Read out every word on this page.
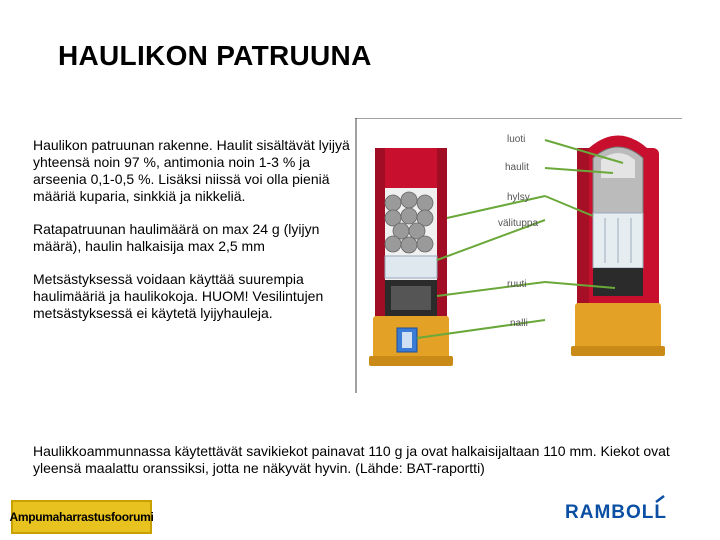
HAULIKON PATRUUNA

Haulikon patruunan rakenne. Haulit sisältävät lyijyä yhteensä noin 97 %, antimonia noin 1-3 % ja arseenia 0,1-0,5 %. Lisäksi niissä voi olla pieniä määriä kuparia, sinkkiä ja nikkeliä.

Ratapatruunan haulimäärä on max 24 g (lyijyn määrä), haulin halkaisija max 2,5 mm

Metsästyksessä voidaan käyttää suurempia haulimääriä ja haulikokoja. HUOM! Vesilintujen metsästyksessä ei käytetä lyijyhauleja.

luoti
haulit
hylsy
välituppa
ruuti
nalli
Haulikkoammunnassa käytettävät savikiekot painavat 110 g ja ovat halkaisijaltaan 110 mm. Kiekot ovat yleensä maalattu oranssiksi, jotta ne näkyvät hyvin. (Lähde: BAT-raportti)
Ampumaharrastusfoorumi	RAMBOLL
